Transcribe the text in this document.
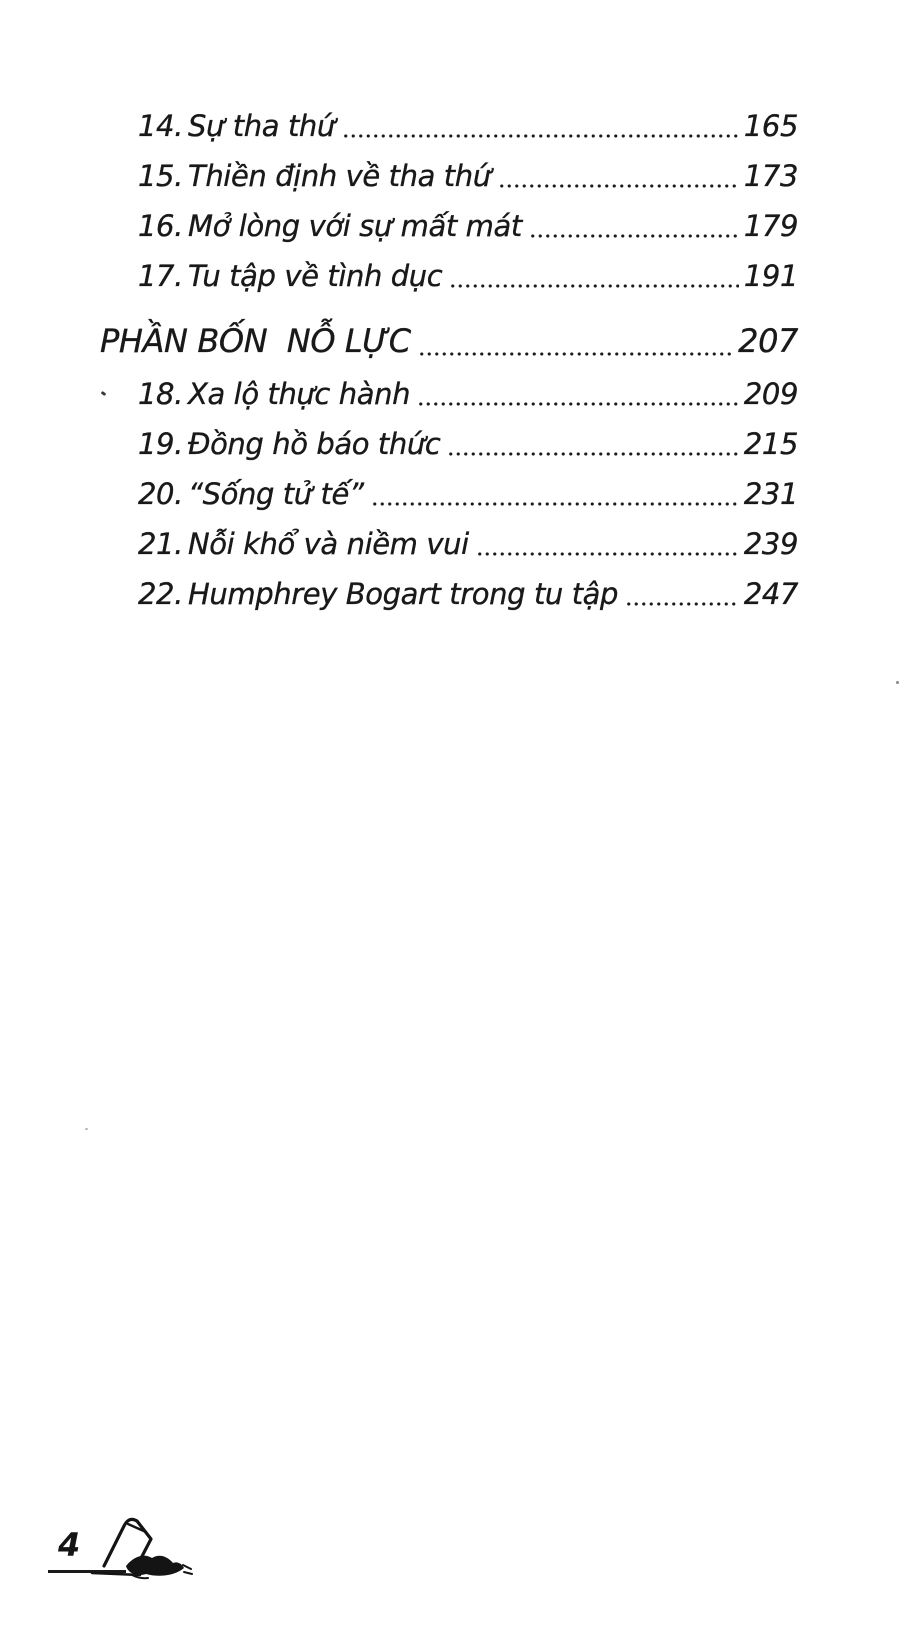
14. Sự tha thứ	165
15. Thiền định về tha thứ	173
16. Mở lòng với sự mất mát	179
17. Tu tập về tình dục	191
PHẦN BỐN  NỖ LỰC	207
18. Xa lộ thực hành	209
19. Đồng hồ báo thức	215
20. “Sống tử tế”	231
21. Nỗi khổ và niềm vui	239
22. Humphrey Bogart trong tu tập	247
4
